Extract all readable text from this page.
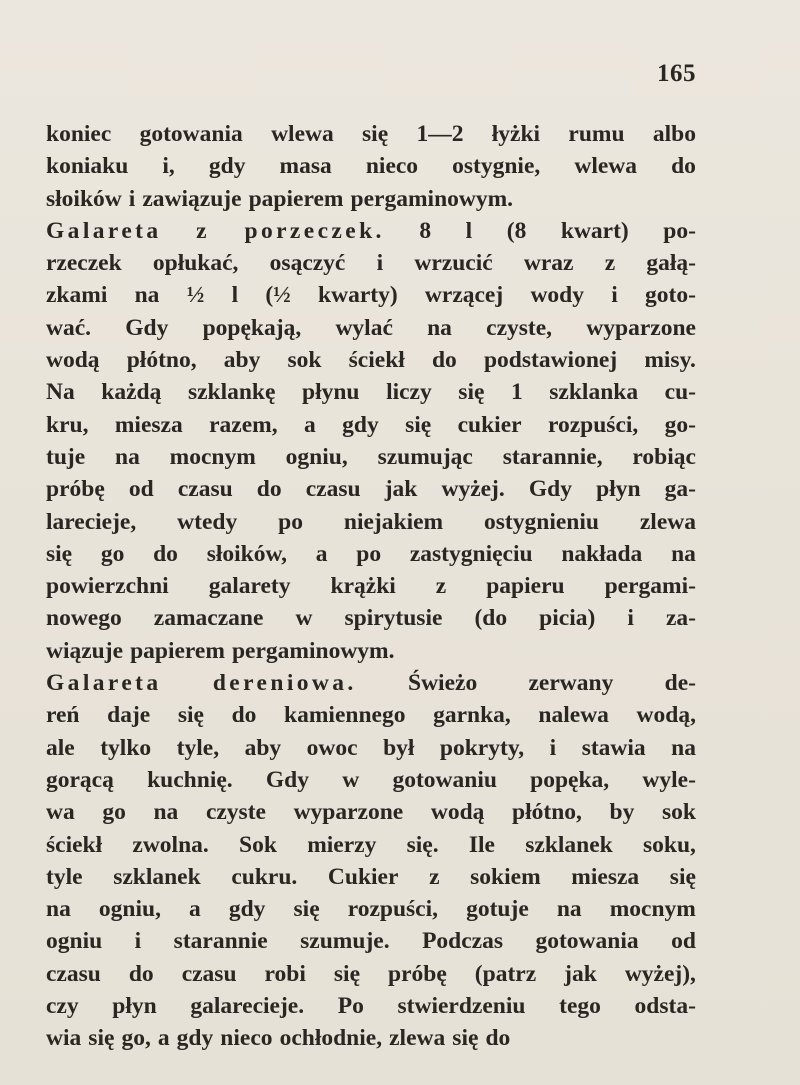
165
koniec gotowania wlewa się 1—2 łyżki rumu albo
koniaku i, gdy masa nieco ostygnie, wlewa do
słoików i zawiązuje papierem pergaminowym.
Galareta z porzeczek. 8 l (8 kwart) po-
rzeczek opłukać, osączyć i wrzucić wraz z gałą-
zkami na ½ l (½ kwarty) wrzącej wody i goto-
wać. Gdy popękają, wylać na czyste, wyparzone
wodą płótno, aby sok ściekł do podstawionej misy.
Na każdą szklankę płynu liczy się 1 szklanka cu-
kru, miesza razem, a gdy się cukier rozpuści, go-
tuje na mocnym ogniu, szumując starannie, robiąc
próbę od czasu do czasu jak wyżej. Gdy płyn ga-
larecieje, wtedy po niejakiem ostygnieniu zlewa
się go do słoików, a po zastygnięciu nakłada na
powierzchni galarety krążki z papieru pergami-
nowego zamaczane w spirytusie (do picia) i za-
wiązuje papierem pergaminowym.
Galareta dereniowa. Świeżo zerwany de-
reń daje się do kamiennego garnka, nalewa wodą,
ale tylko tyle, aby owoc był pokryty, i stawia na
gorącą kuchnię. Gdy w gotowaniu popęka, wyle-
wa go na czyste wyparzone wodą płótno, by sok
ściekł zwolna. Sok mierzy się. Ile szklanek soku,
tyle szklanek cukru. Cukier z sokiem miesza się
na ogniu, a gdy się rozpuści, gotuje na mocnym
ogniu i starannie szumuje. Podczas gotowania od
czasu do czasu robi się próbę (patrz jak wyżej),
czy płyn galarecieje. Po stwierdzeniu tego odsta-
wia się go, a gdy nieco ochłodnie, zlewa się do
